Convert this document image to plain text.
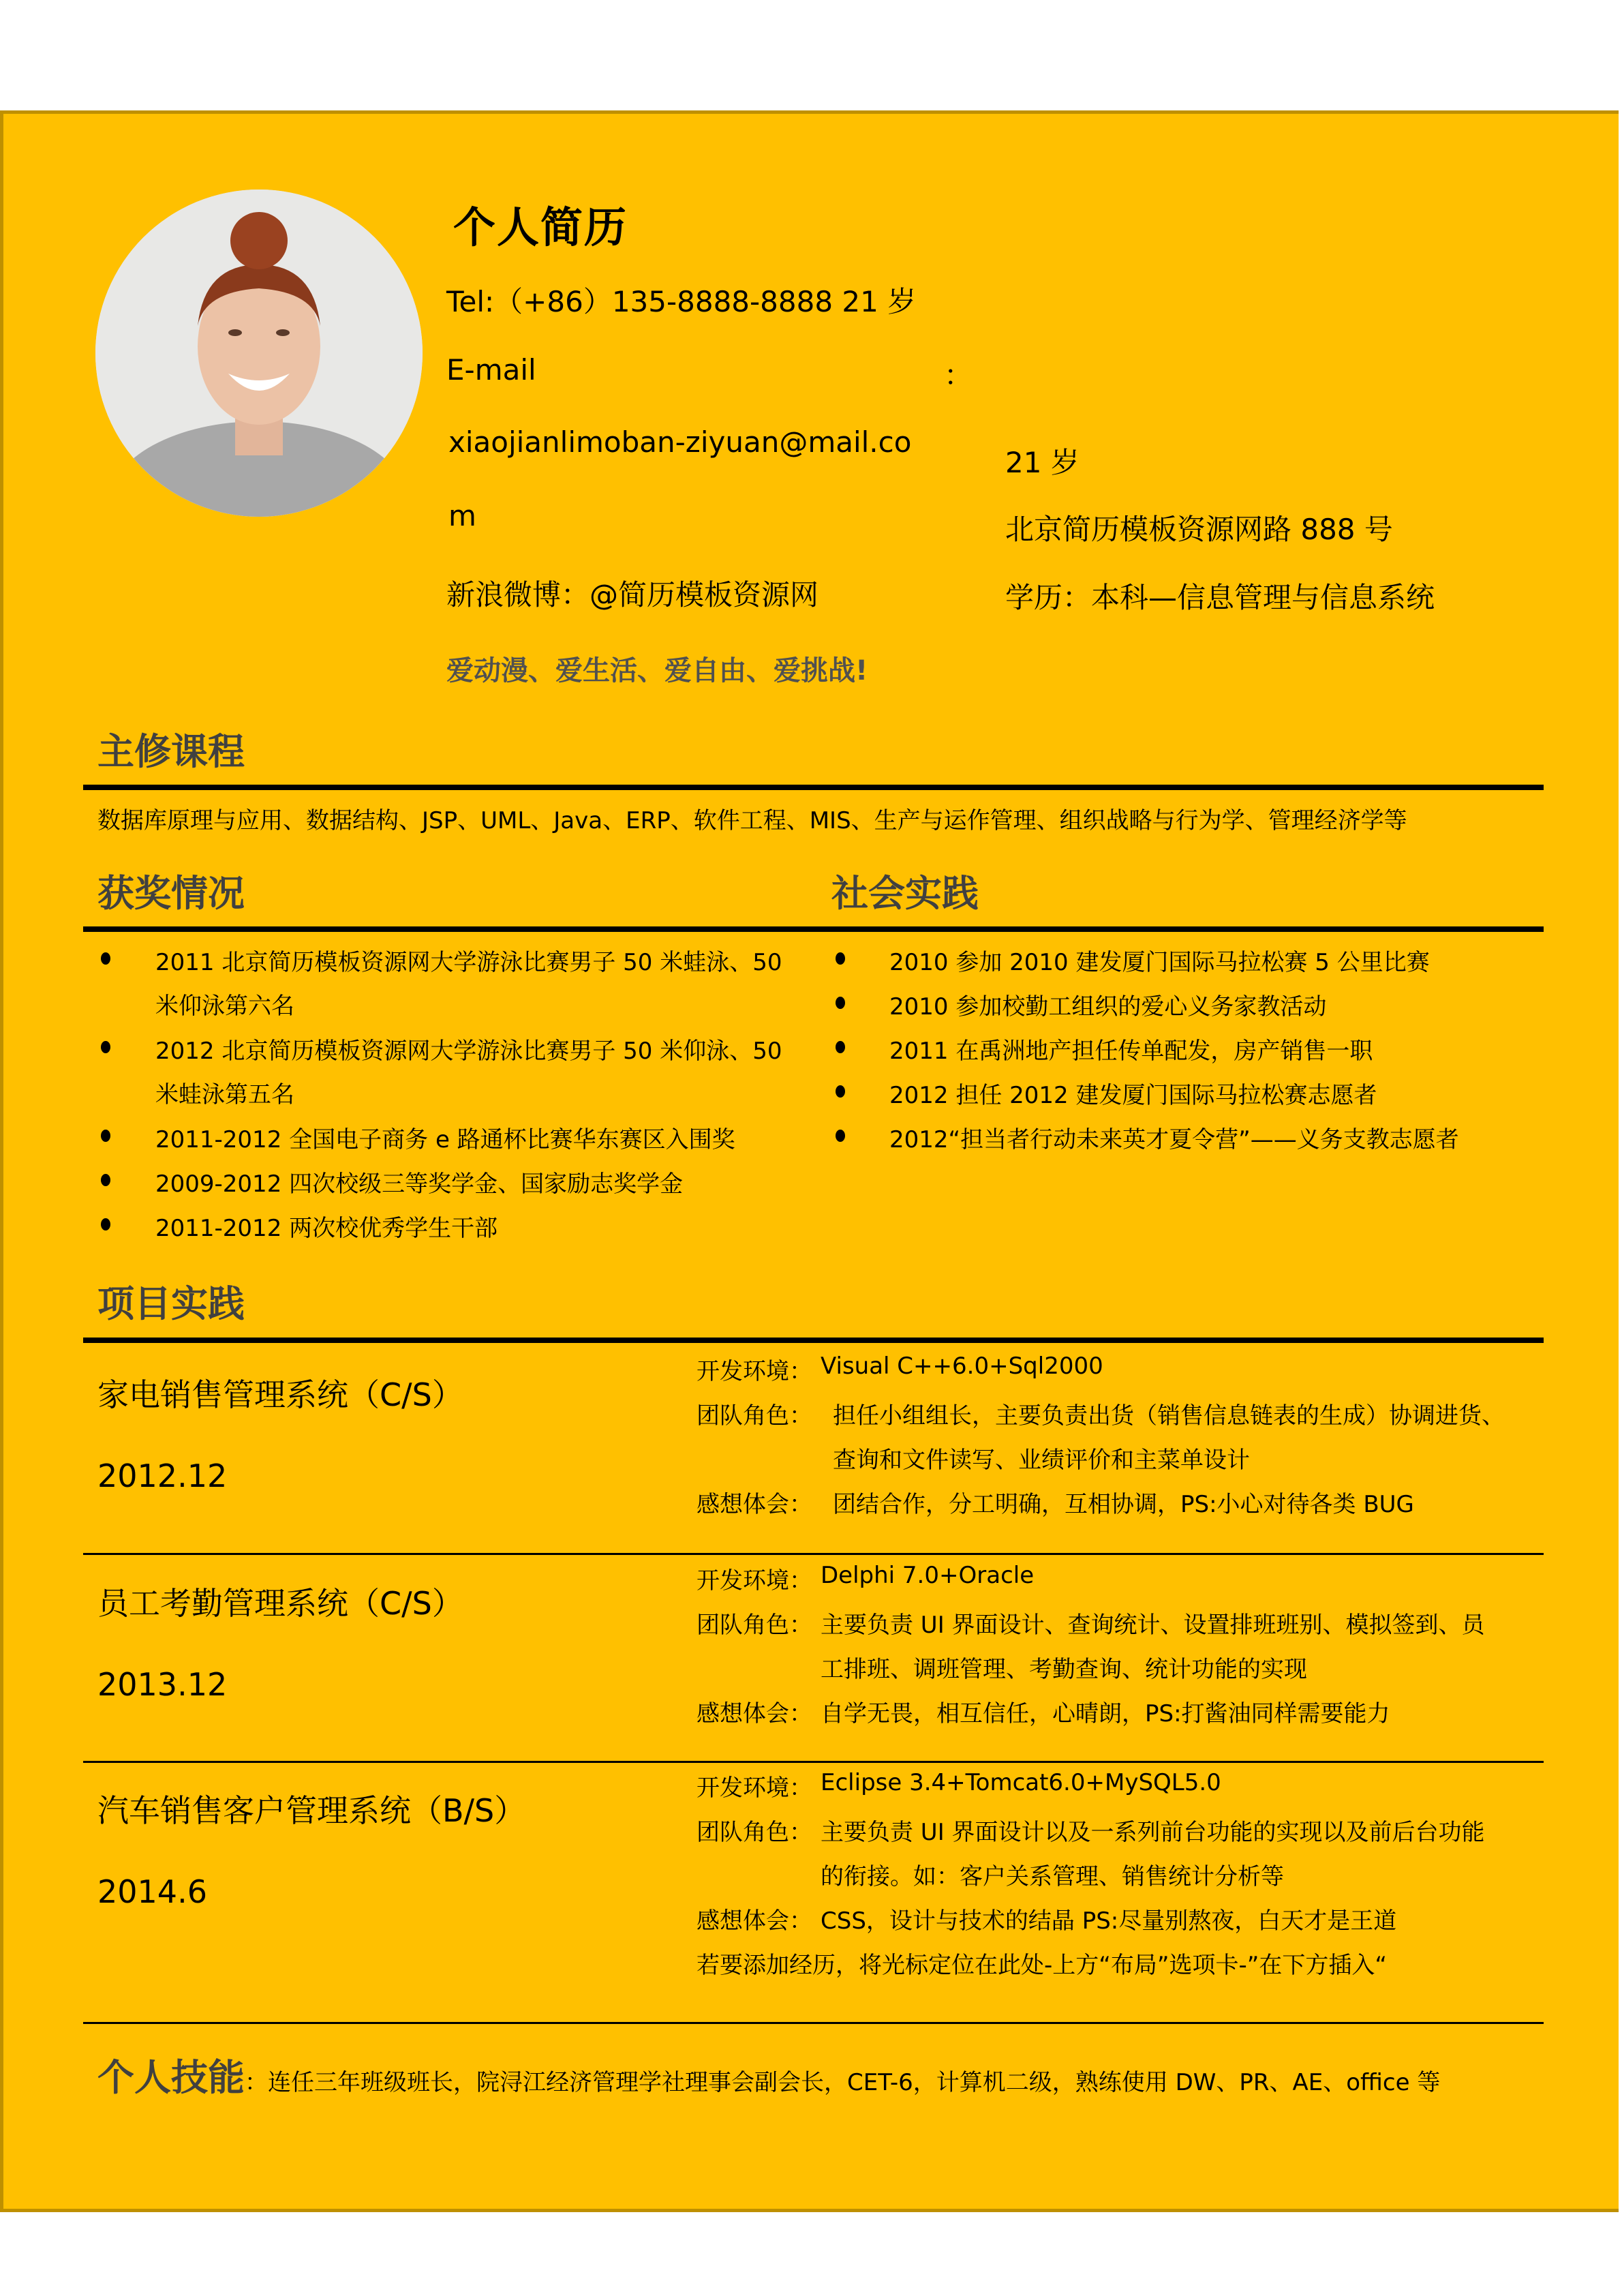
个人简历
Tel:（+86）135-8888-8888 21 岁
E-mail	：
xiaojianlimoban-ziyuan@mail.co
m
新浪微博：@简历模板资源网
爱动漫、爱生活、爱自由、爱挑战!
21 岁
北京简历模板资源网路 888 号
学历：本科—信息管理与信息系统
主修课程
数据库原理与应用、数据结构、JSP、UML、Java、ERP、软件工程、MIS、生产与运作管理、组织战略与行为学、管理经济学等
获奖情况
2011 北京简历模板资源网大学游泳比赛男子 50 米蛙泳、50
米仰泳第六名
2012 北京简历模板资源网大学游泳比赛男子 50 米仰泳、50
米蛙泳第五名
2011-2012 全国电子商务 e 路通杯比赛华东赛区入围奖
2009-2012 四次校级三等奖学金、国家励志奖学金
2011-2012 两次校优秀学生干部
社会实践
2010 参加 2010 建发厦门国际马拉松赛 5 公里比赛
2010 参加校勤工组织的爱心义务家教活动
2011 在禹洲地产担任传单配发，房产销售一职
2012 担任 2012 建发厦门国际马拉松赛志愿者
2012“担当者行动未来英才夏令营”——义务支教志愿者
项目实践
家电销售管理系统（C/S）
2012.12
开发环境： Visual C++6.0+Sql2000
团队角色： 担任小组组长，主要负责出货（销售信息链表的生成）协调进货、
查询和文件读写、业绩评价和主菜单设计
感想体会： 团结合作，分工明确，互相协调，PS:小心对待各类 BUG
员工考勤管理系统（C/S）
2013.12
开发环境： Delphi 7.0+Oracle
团队角色： 主要负责 UI 界面设计、查询统计、设置排班班别、模拟签到、员
工排班、调班管理、考勤查询、统计功能的实现
感想体会： 自学无畏，相互信任，心晴朗，PS:打酱油同样需要能力
汽车销售客户管理系统（B/S）
2014.6
开发环境： Eclipse 3.4+Tomcat6.0+MySQL5.0
团队角色： 主要负责 UI 界面设计以及一系列前台功能的实现以及前后台功能
的衔接。如：客户关系管理、销售统计分析等
感想体会： CSS，设计与技术的结晶 PS:尽量别熬夜，白天才是王道
若要添加经历，将光标定位在此处-上方“布局”选项卡-”在下方插入“
个人技能：连任三年班级班长，院浔江经济管理学社理事会副会长，CET-6，计算机二级，熟练使用 DW、PR、AE、office 等
